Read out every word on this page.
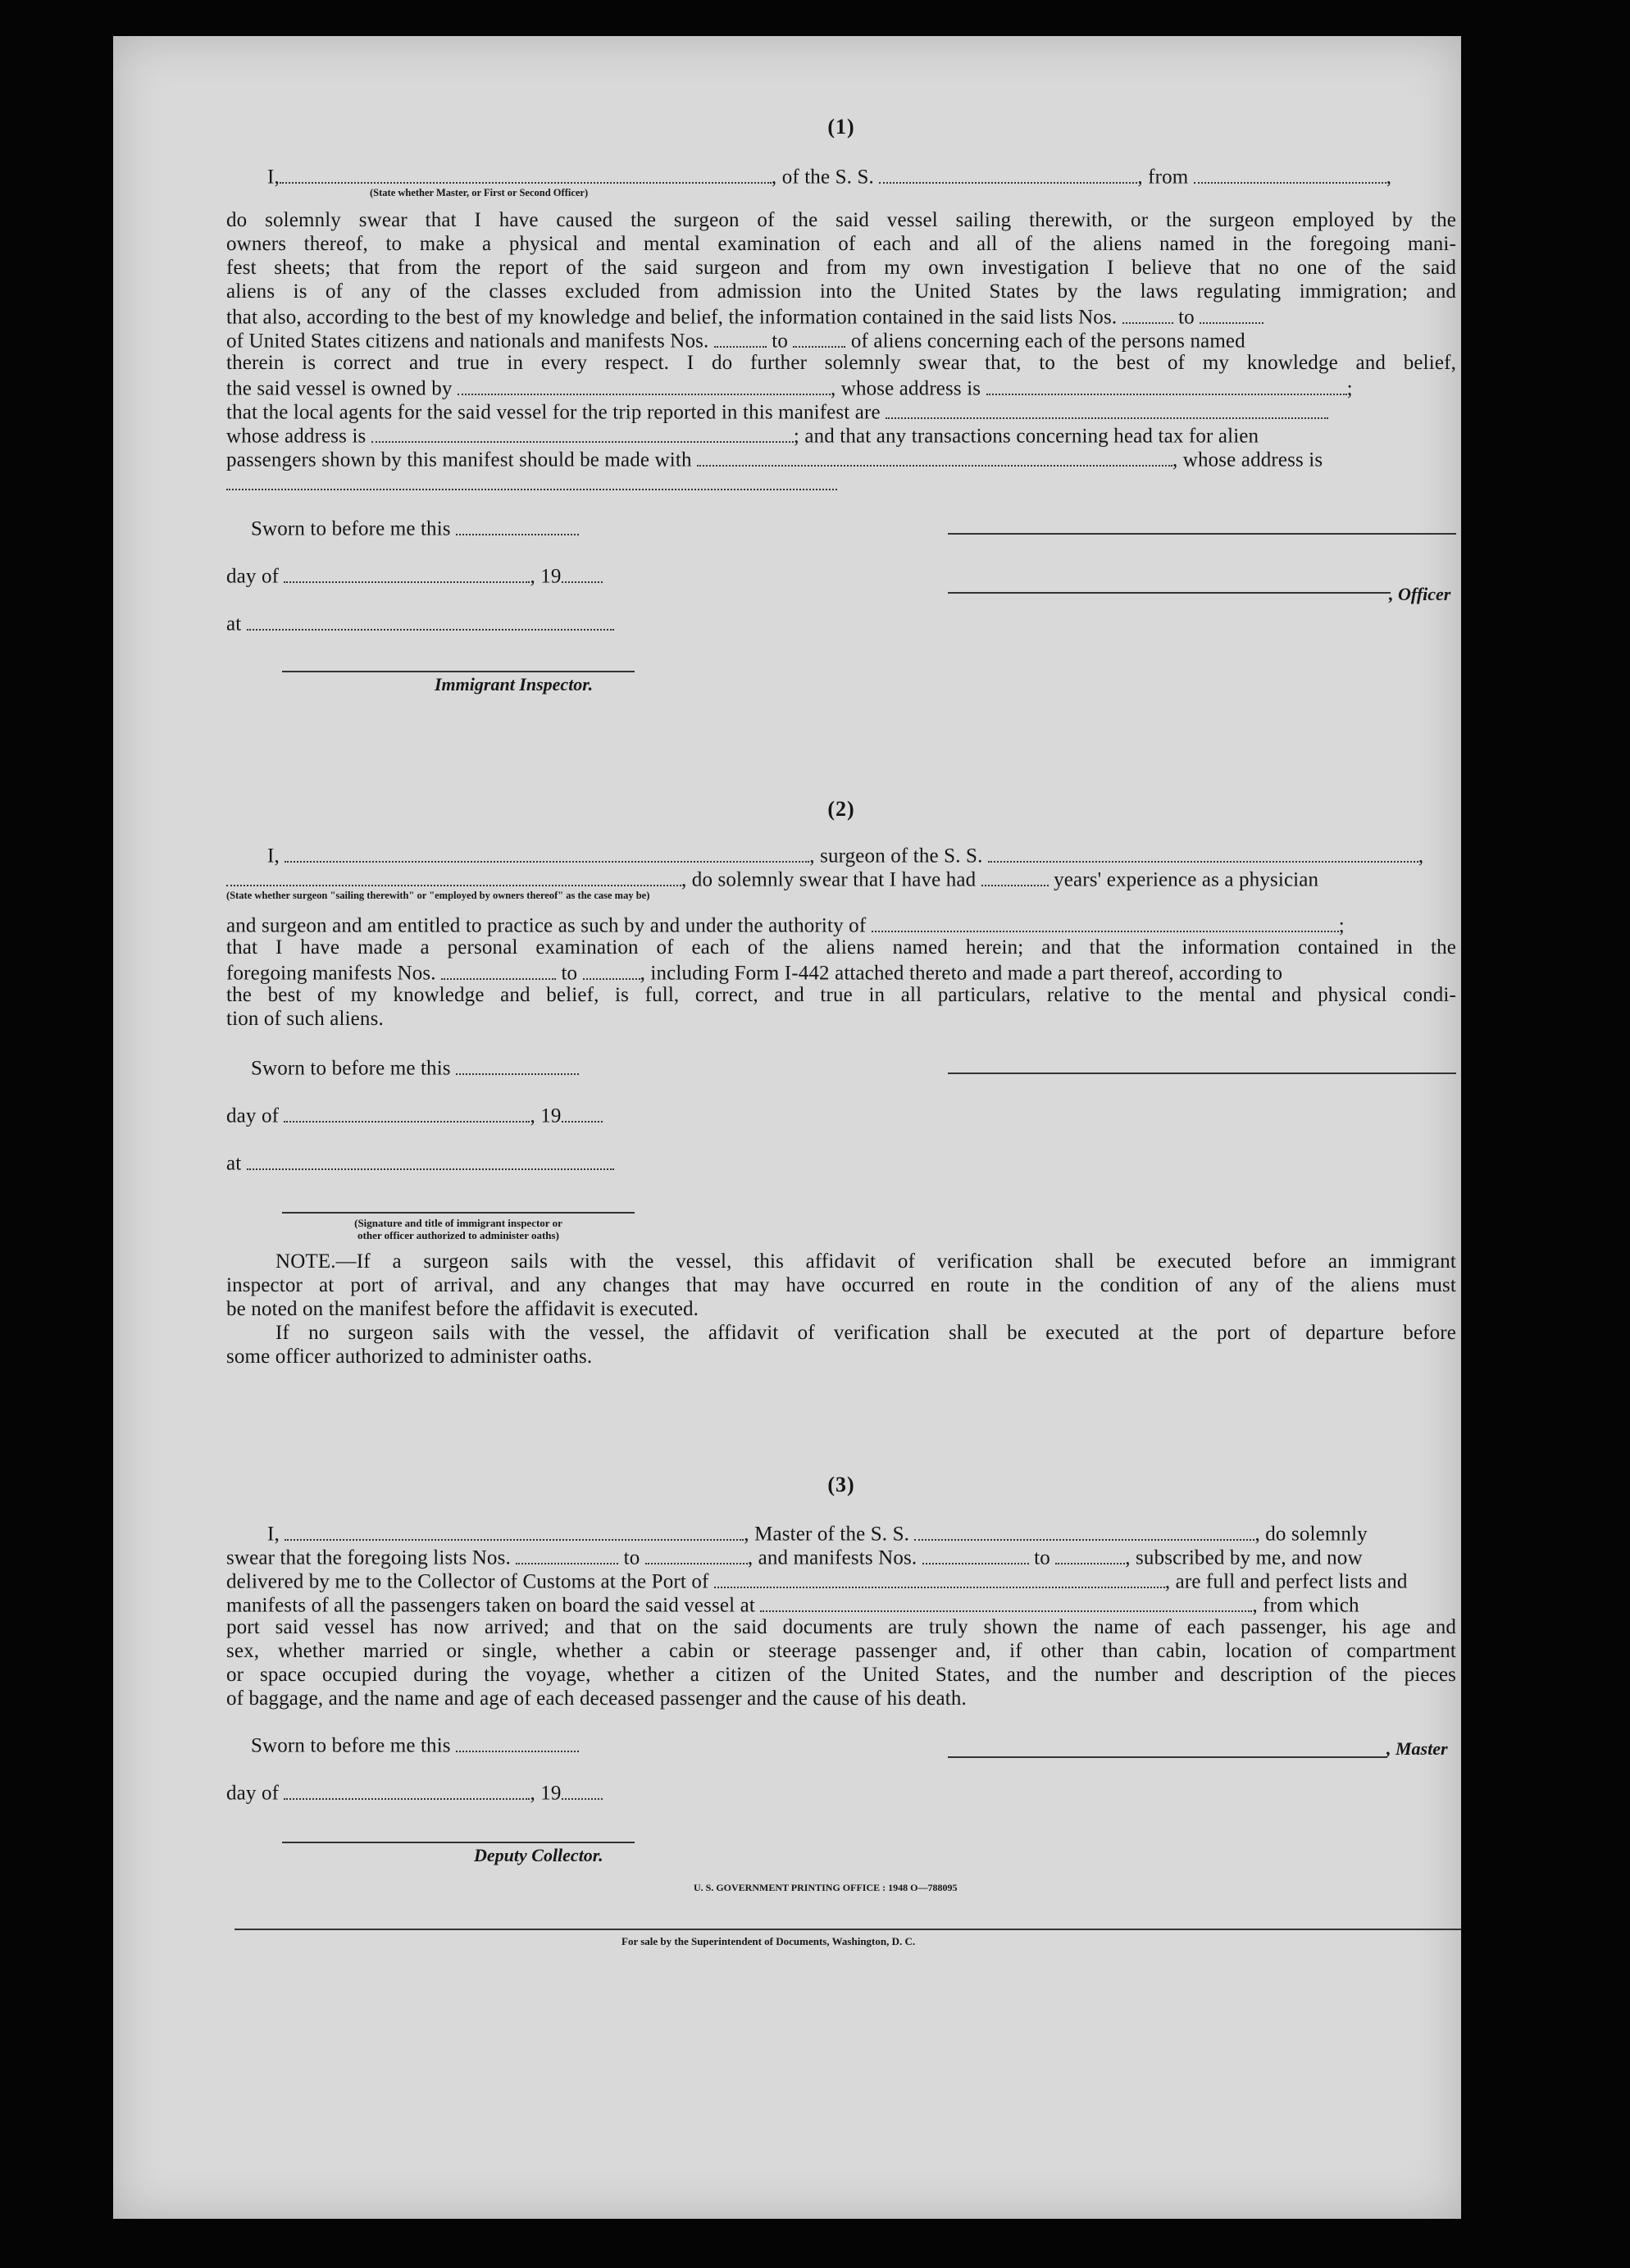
(1)
I,	, of the S. S.	, from	,
(State whether Master, or First or Second Officer)
do solemnly swear that I have caused the surgeon of the said vessel sailing therewith, or the surgeon employed by the
owners thereof, to make a physical and mental examination of each and all of the aliens named in the foregoing mani-
fest sheets; that from the report of the said surgeon and from my own investigation I believe that no one of the said
aliens is of any of the classes excluded from admission into the United States by the laws regulating immigration; and
that also, according to the best of my knowledge and belief, the information contained in the said lists Nos.	to
of United States citizens and nationals and manifests Nos.	to	of aliens concerning each of the persons named
therein is correct and true in every respect. I do further solemnly swear that, to the best of my knowledge and belief,
the said vessel is owned by	, whose address is	;
that the local agents for the said vessel for the trip reported in this manifest are
whose address is	; and that any transactions concerning head tax for alien
passengers shown by this manifest should be made with	, whose address is
Sworn to before me this
day of	, 19
, Officer
at
Immigrant Inspector.
(2)
I,	, surgeon of the S. S.	,
, do solemnly swear that I have had	years' experience as a physician
(State whether surgeon "sailing therewith" or "employed by owners thereof" as the case may be)
and surgeon and am entitled to practice as such by and under the authority of	;
that I have made a personal examination of each of the aliens named herein; and that the information contained in the
foregoing manifests Nos.	to	, including Form I-442 attached thereto and made a part thereof, according to
the best of my knowledge and belief, is full, correct, and true in all particulars, relative to the mental and physical condi-
tion of such aliens.
Sworn to before me this
day of	, 19
at
(Signature and title of immigrant inspector or
other officer authorized to administer oaths)
NOTE.—If a surgeon sails with the vessel, this affidavit of verification shall be executed before an immigrant
inspector at port of arrival, and any changes that may have occurred en route in the condition of any of the aliens must
be noted on the manifest before the affidavit is executed.
If no surgeon sails with the vessel, the affidavit of verification shall be executed at the port of departure before
some officer authorized to administer oaths.
(3)
I,	, Master of the S. S.	, do solemnly
swear that the foregoing lists Nos.	to	, and manifests Nos.	to	, subscribed by me, and now
delivered by me to the Collector of Customs at the Port of	, are full and perfect lists and
manifests of all the passengers taken on board the said vessel at	, from which
port said vessel has now arrived; and that on the said documents are truly shown the name of each passenger, his age and
sex, whether married or single, whether a cabin or steerage passenger and, if other than cabin, location of compartment
or space occupied during the voyage, whether a citizen of the United States, and the number and description of the pieces
of baggage, and the name and age of each deceased passenger and the cause of his death.
Sworn to before me this	, Master
day of	, 19
Deputy Collector.
U. S. GOVERNMENT PRINTING OFFICE : 1948 O—788095
For sale by the Superintendent of Documents, Washington, D. C.
